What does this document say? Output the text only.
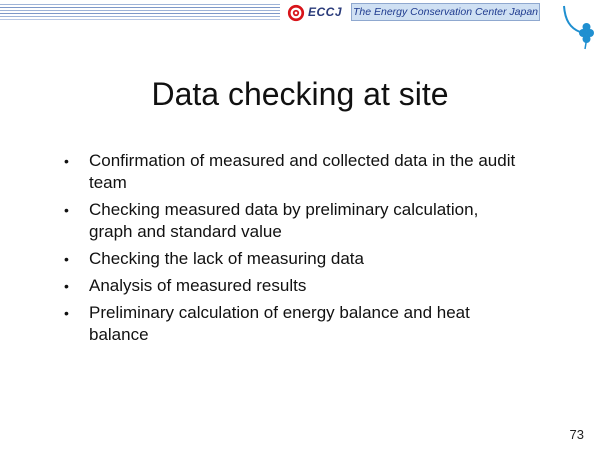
ECCJ The Energy Conservation Center Japan
Data checking at site
• Confirmation of measured and collected data in the audit team
• Checking measured data by preliminary calculation, graph and standard value
• Checking the lack of measuring data
• Analysis of measured results
• Preliminary calculation of energy balance and heat balance
73
